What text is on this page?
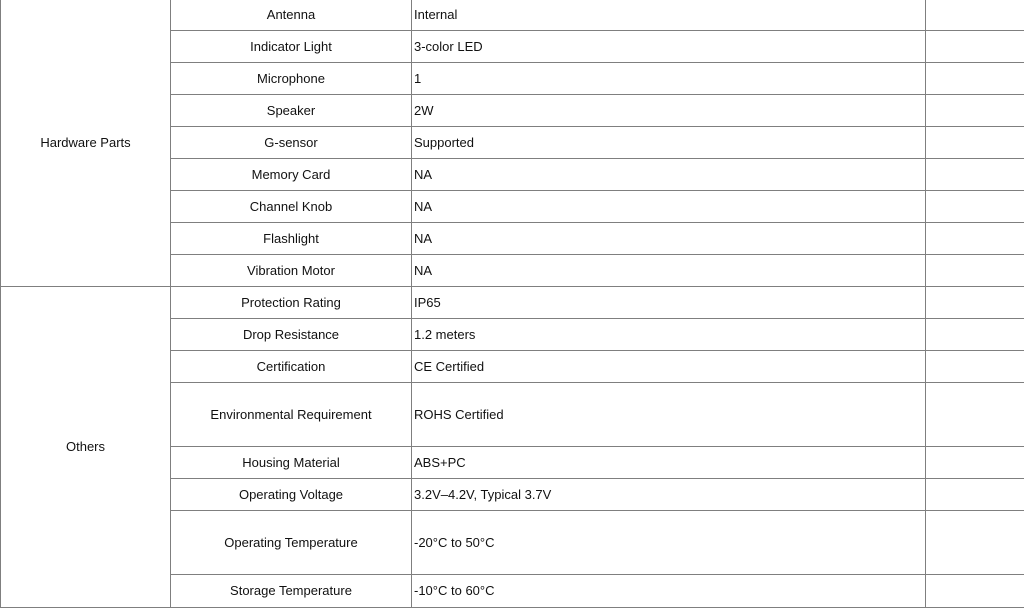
Hardware Parts	Antenna	Internal	
	Indicator Light	3-color LED	
	Microphone	1	
	Speaker	2W	
	G-sensor	Supported	
	Memory Card	NA	
	Channel Knob	NA	
	Flashlight	NA	
	Vibration Motor	NA	
Others	Protection Rating	IP65	
	Drop Resistance	1.2 meters	
	Certification	CE Certified	
	Environmental Requirement	ROHS Certified	
	Housing Material	ABS+PC	
	Operating Voltage	3.2V–4.2V, Typical 3.7V	
	Operating Temperature	-20°C to 50°C	
	Storage Temperature	-10°C to 60°C	
